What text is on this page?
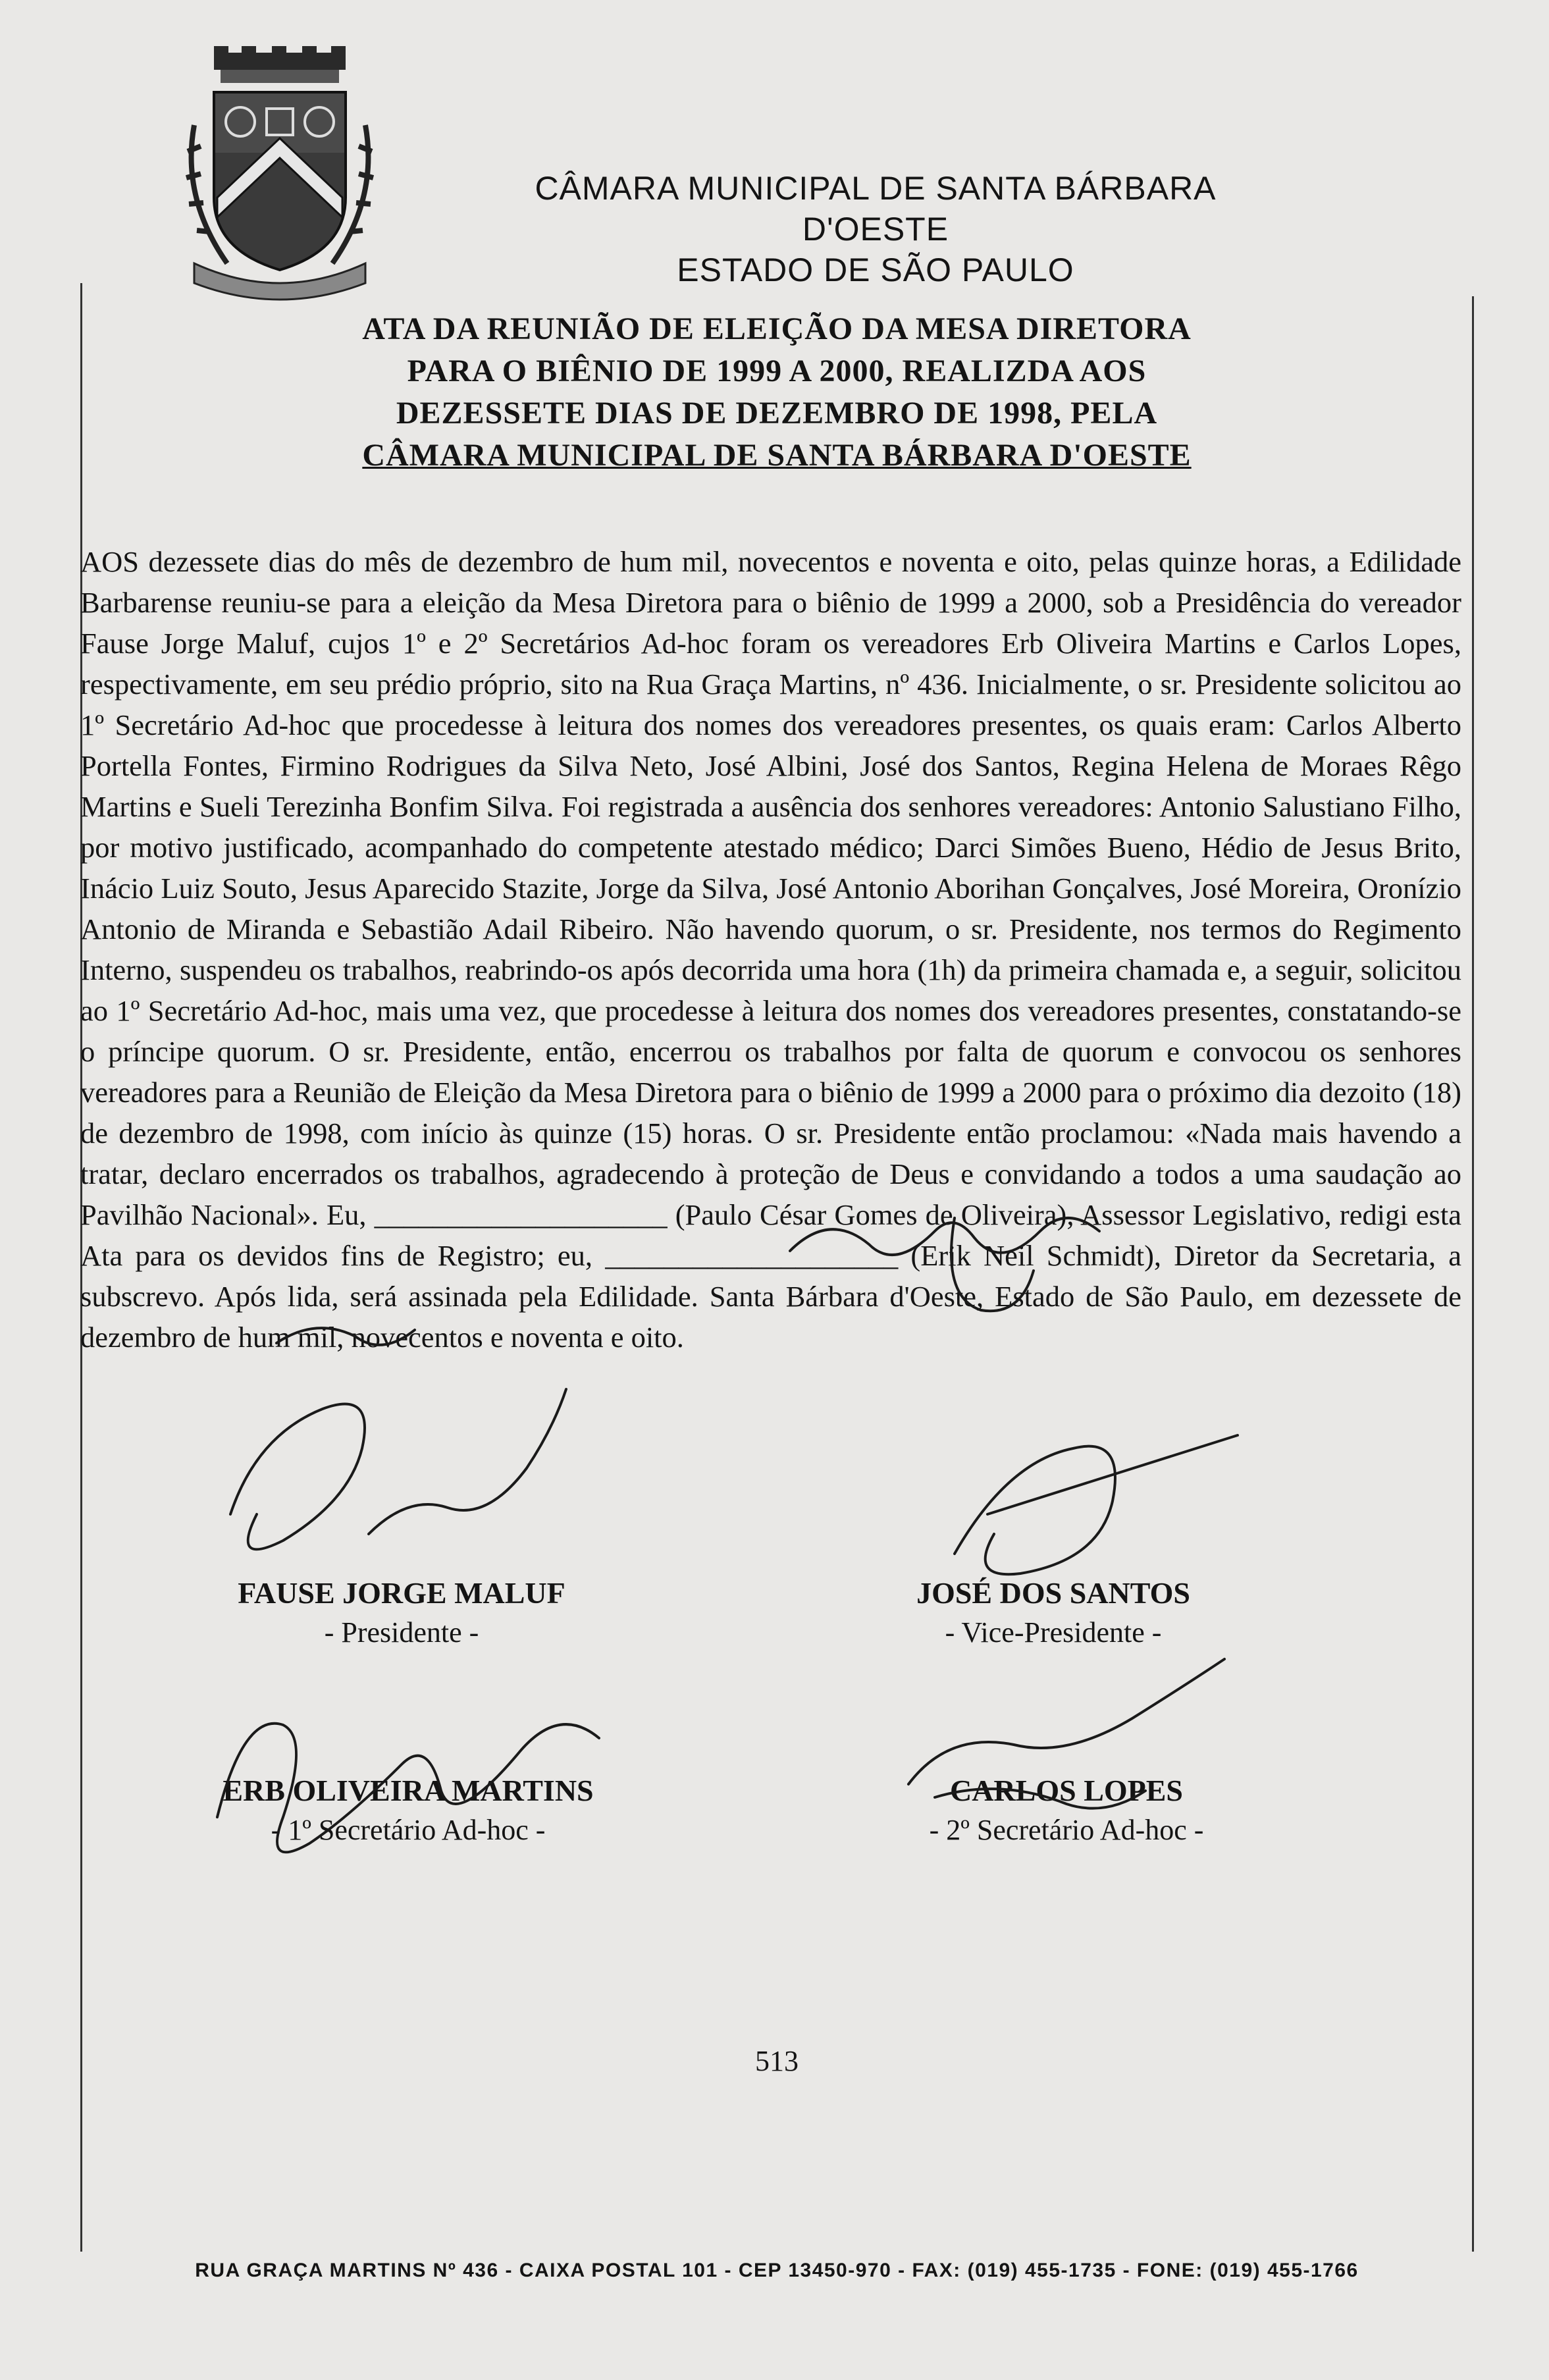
CÂMARA MUNICIPAL DE SANTA BÁRBARA D'OESTE
ESTADO DE SÃO PAULO
ATA DA REUNIÃO DE ELEIÇÃO DA MESA DIRETORA
PARA O BIÊNIO DE 1999 A 2000, REALIZDA AOS
DEZESSETE DIAS DE DEZEMBRO DE 1998, PELA
CÂMARA MUNICIPAL DE SANTA BÁRBARA D'OESTE
AOS dezessete dias do mês de dezembro de hum mil, novecentos e noventa e oito, pelas quinze horas, a Edilidade Barbarense reuniu-se para a eleição da Mesa Diretora para o biênio de 1999 a 2000, sob a Presidência do vereador Fause Jorge Maluf, cujos 1º e 2º Secretários Ad-hoc foram os vereadores Erb Oliveira Martins e Carlos Lopes, respectivamente, em seu prédio próprio, sito na Rua Graça Martins, nº 436. Inicialmente, o sr. Presidente solicitou ao 1º Secretário Ad-hoc que procedesse à leitura dos nomes dos vereadores presentes, os quais eram: Carlos Alberto Portella Fontes, Firmino Rodrigues da Silva Neto, José Albini, José dos Santos, Regina Helena de Moraes Rêgo Martins e Sueli Terezinha Bonfim Silva. Foi registrada a ausência dos senhores vereadores: Antonio Salustiano Filho, por motivo justificado, acompanhado do competente atestado médico; Darci Simões Bueno, Hédio de Jesus Brito, Inácio Luiz Souto, Jesus Aparecido Stazite, Jorge da Silva, José Antonio Aborihan Gonçalves, José Moreira, Oronízio Antonio de Miranda e Sebastião Adail Ribeiro. Não havendo quorum, o sr. Presidente, nos termos do Regimento Interno, suspendeu os trabalhos, reabrindo-os após decorrida uma hora (1h) da primeira chamada e, a seguir, solicitou ao 1º Secretário Ad-hoc, mais uma vez, que procedesse à leitura dos nomes dos vereadores presentes, constatando-se o príncipe quorum. O sr. Presidente, então, encerrou os trabalhos por falta de quorum e convocou os senhores vereadores para a Reunião de Eleição da Mesa Diretora para o biênio de 1999 a 2000 para o próximo dia dezoito (18) de dezembro de 1998, com início às quinze (15) horas. O sr. Presidente então proclamou: «Nada mais havendo a tratar, declaro encerrados os trabalhos, agradecendo à proteção de Deus e convidando a todos a uma saudação ao Pavilhão Nacional». Eu, ____________________ (Paulo César Gomes de Oliveira), Assessor Legislativo, redigi esta Ata para os devidos fins de Registro; eu, ____________________ (Erik Neil Schmidt), Diretor da Secretaria, a subscrevo. Após lida, será assinada pela Edilidade. Santa Bárbara d'Oeste, Estado de São Paulo, em dezessete de dezembro de hum mil, novecentos e noventa e oito.
FAUSE JORGE MALUF
- Presidente -
JOSÉ DOS SANTOS
- Vice-Presidente -
ERB OLIVEIRA MARTINS
- 1º Secretário Ad-hoc -
CARLOS LOPES
- 2º Secretário Ad-hoc -
513
RUA GRAÇA MARTINS Nº 436 - CAIXA POSTAL 101 - CEP 13450-970 - FAX: (019) 455-1735 - FONE: (019) 455-1766
